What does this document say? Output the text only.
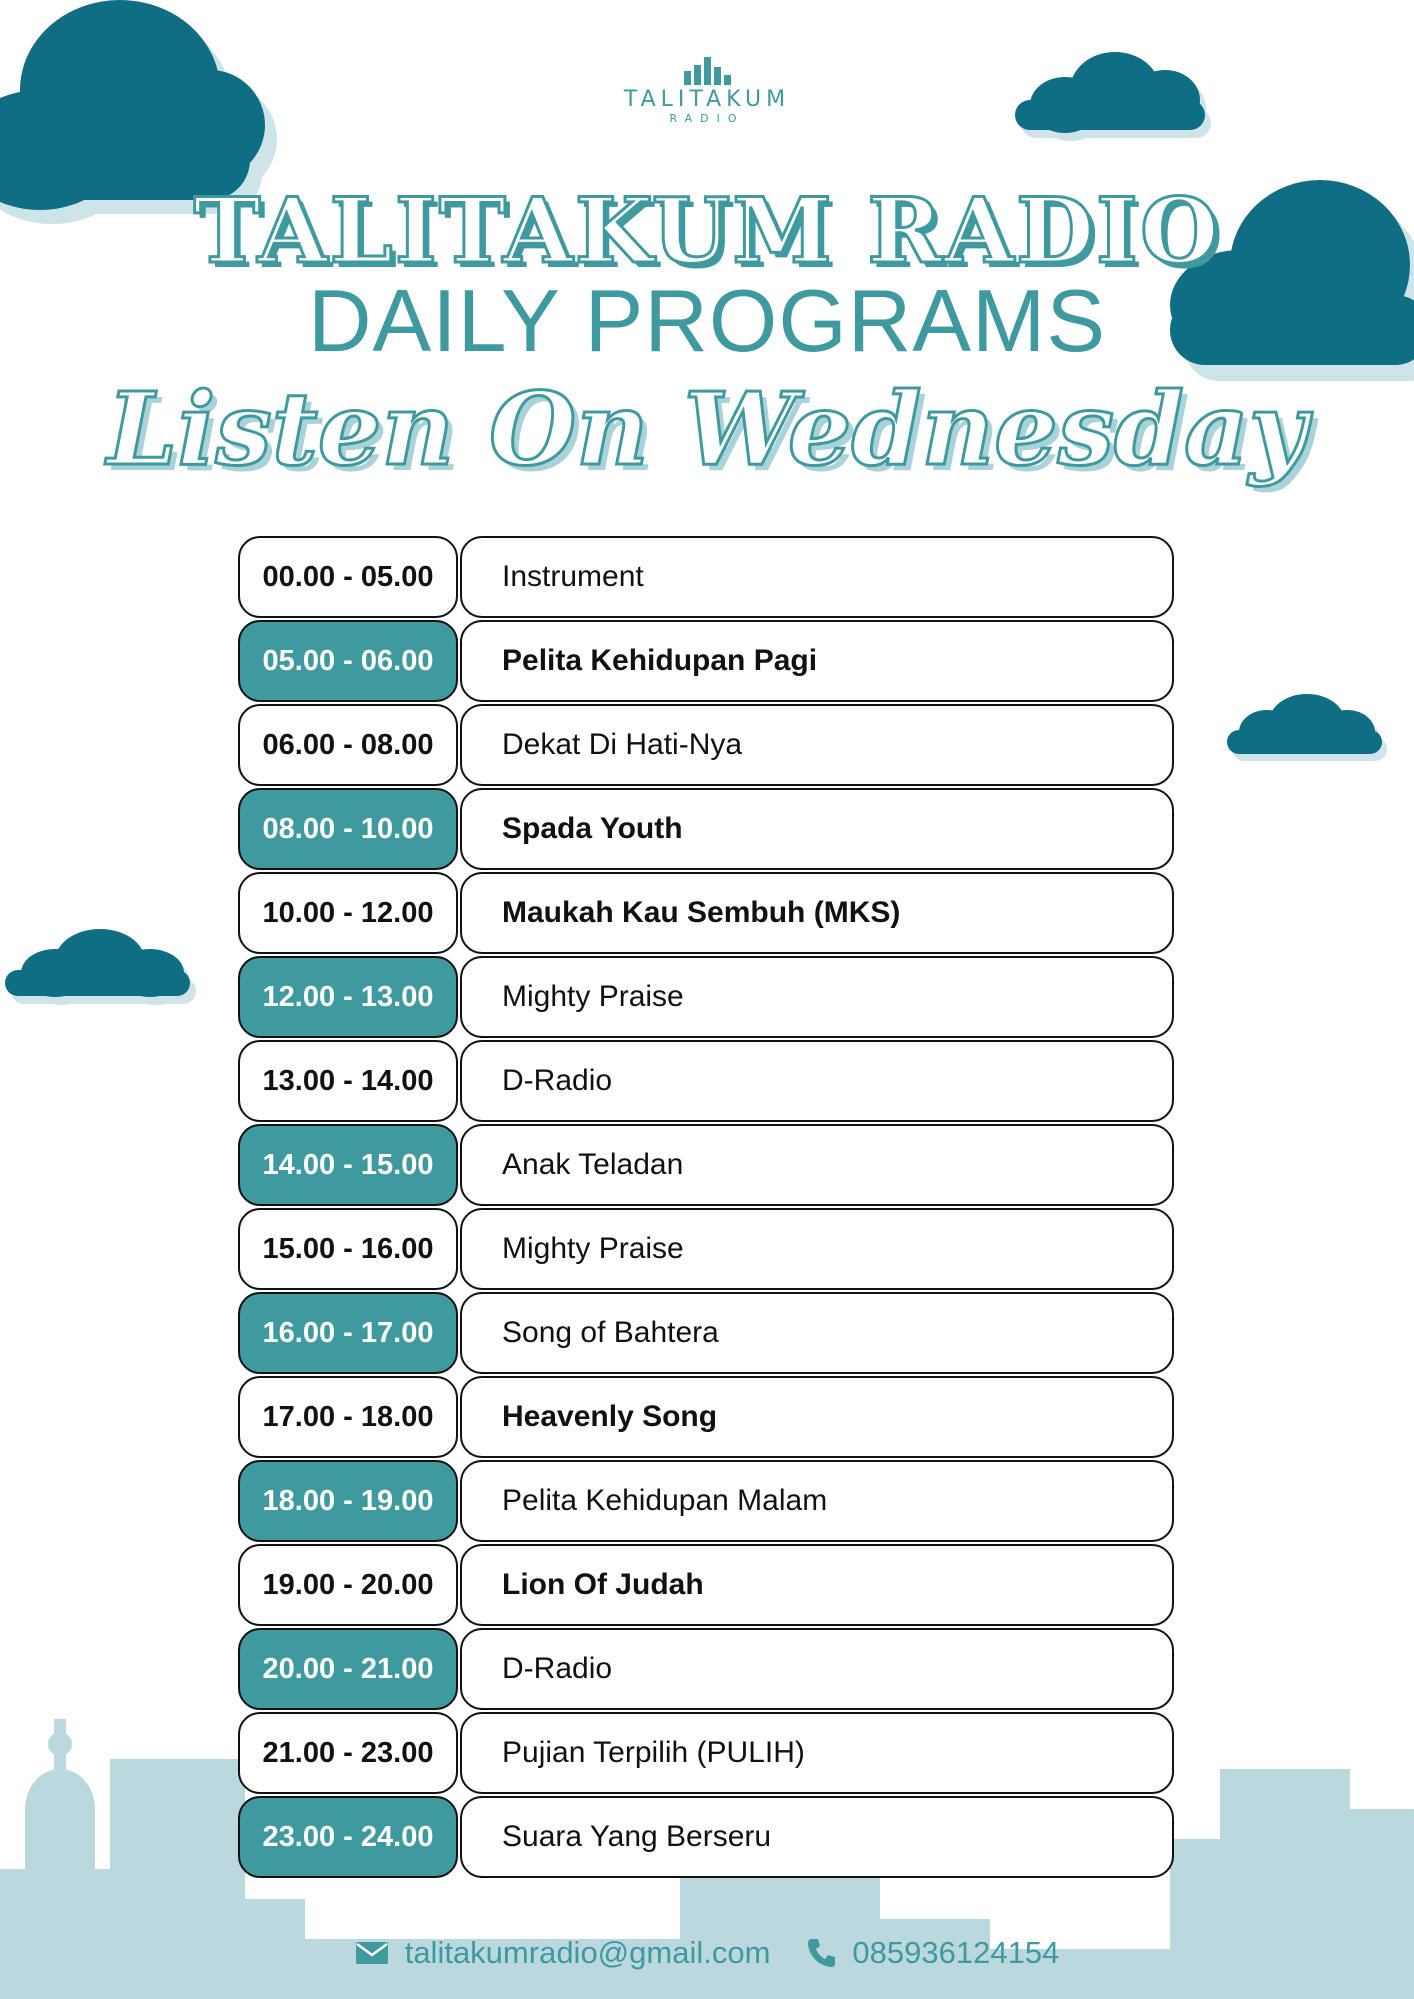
TALITAKUM
RADIO
TALITAKUM RADIO
DAILY PROGRAMS
Listen On Wednesday
00.00 - 05.00	Instrument
05.00 - 06.00	Pelita Kehidupan Pagi
06.00 - 08.00	Dekat Di Hati-Nya
08.00 - 10.00	Spada Youth
10.00 - 12.00	Maukah Kau Sembuh (MKS)
12.00 - 13.00	Mighty Praise
13.00 - 14.00	D-Radio
14.00 - 15.00	Anak Teladan
15.00 - 16.00	Mighty Praise
16.00 - 17.00	Song of Bahtera
17.00 - 18.00	Heavenly Song
18.00 - 19.00	Pelita Kehidupan Malam
19.00 - 20.00	Lion Of Judah
20.00 - 21.00	D-Radio
21.00 - 23.00	Pujian Terpilih (PULIH)
23.00 - 24.00	Suara Yang Berseru
talitakumradio@gmail.com	085936124154
